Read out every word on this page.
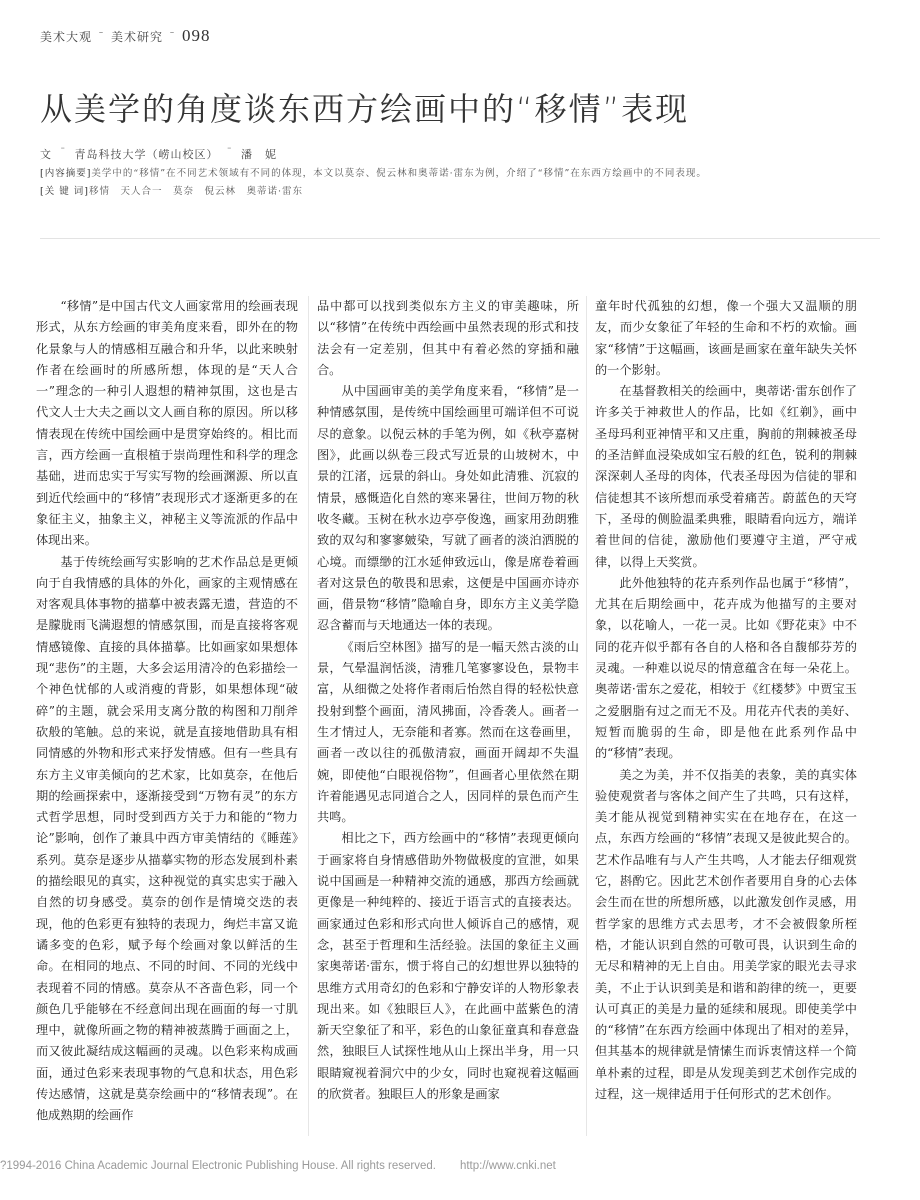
美术大观 ¯ 美术研究 ¯ 098
从美学的角度谈东西方绘画中的“移情”表现
文 ¯ 青岛科技大学（崂山校区） ¯ 潘　妮
[内容摘要]美学中的“移情”在不同艺术领域有不同的体现，本文以莫奈、倪云林和奥蒂诺·雷东为例，介绍了“移情”在东西方绘画中的不同表现。
[关 键 词]移情　天人合一　莫奈　倪云林　奥蒂诺·雷东

“移情”是中国古代文人画家常用的绘画表现形式，从东方绘画的审美角度来看，即外在的物化景象与人的情感相互融合和升华，以此来映射作者在绘画时的所感所想，体现的是“天人合一”理念的一种引人遐想的精神氛围，这也是古代文人士大夫之画以文人画自称的原因。所以移情表现在传统中国绘画中是贯穿始终的。相比而言，西方绘画一直根植于崇尚理性和科学的理念基础，进而忠实于写实写物的绘画渊源、所以直到近代绘画中的“移情”表现形式才逐渐更多的在象征主义，抽象主义，神秘主义等流派的作品中体现出来。

基于传统绘画写实影响的艺术作品总是更倾向于自我情感的具体的外化，画家的主观情感在对客观具体事物的描摹中被表露无遗，营造的不是朦胧雨飞满遐想的情感氛围，而是直接将客观情感镜像、直接的具体描摹。比如画家如果想体现“悲伤”的主题，大多会运用清冷的色彩描绘一个神色忧郁的人或消瘦的背影，如果想体现“破碎”的主题，就会采用支离分散的构图和刀削斧砍般的笔触。总的来说，就是直接地借助具有相同情感的外物和形式来抒发情感。但有一些具有东方主义审美倾向的艺术家，比如莫奈，在他后期的绘画探索中，逐渐接受到“万物有灵”的东方式哲学思想，同时受到西方关于力和能的“物力论”影响，创作了兼具中西方审美情结的《睡莲》系列。莫奈是逐步从描摹实物的形态发展到朴素的描绘眼见的真实，这种视觉的真实忠实于融入自然的切身感受。莫奈的创作是情境交迭的表现，他的色彩更有独特的表现力，绚烂丰富又诡谲多变的色彩，赋予每个绘画对象以鲜活的生命。在相同的地点、不同的时间、不同的光线中表现着不同的情感。莫奈从不吝啬色彩，同一个颜色几乎能够在不经意间出现在画面的每一寸肌理中，就像所画之物的精神被蒸腾于画面之上，而又彼此凝结成这幅画的灵魂。以色彩来构成画面，通过色彩来表现事物的气息和状态，用色彩传达感情，这就是莫奈绘画中的“移情表现”。在他成熟期的绘画作

品中都可以找到类似东方主义的审美趣味，所以“移情”在传统中西绘画中虽然表现的形式和技法会有一定差别，但其中有着必然的穿插和融合。

从中国画审美的美学角度来看，“移情”是一种情感氛围，是传统中国绘画里可端详但不可说尽的意象。以倪云林的手笔为例，如《秋亭嘉树图》，此画以纵卷三段式写近景的山坡树木，中景的江渚，远景的斜山。身处如此清雅、沉寂的情景，感慨造化自然的寒来暑往，世间万物的秋收冬藏。玉树在秋水边亭亭俊逸，画家用劲朗雅致的双勾和寥寥皴染，写就了画者的淡泊洒脱的心境。而缥缈的江水延伸致远山，像是席卷着画者对这景色的敬畏和思索，这便是中国画亦诗亦画，借景物“移情”隐喻自身，即东方主义美学隐忍含蓄而与天地通达一体的表现。

《雨后空林图》描写的是一幅天然古淡的山景，气晕温润恬淡，清雅几笔寥寥设色，景物丰富，从细微之处将作者雨后怡然自得的轻松快意投射到整个画面，清风拂面，冷香袭人。画者一生才情过人，无奈能和者寡。然而在这卷画里，画者一改以往的孤傲清寂，画面开阔却不失温婉，即使他“白眼视俗物”，但画者心里依然在期许着能遇见志同道合之人，因同样的景色而产生共鸣。

相比之下，西方绘画中的“移情”表现更倾向于画家将自身情感借助外物做极度的宣泄，如果说中国画是一种精神交流的通感，那西方绘画就更像是一种纯粹的、接近于语言式的直接表达。画家通过色彩和形式向世人倾诉自己的感情，观念，甚至于哲理和生活经验。法国的象征主义画家奥蒂诺·雷东，惯于将自己的幻想世界以独特的思维方式用奇幻的色彩和宁静安详的人物形象表现出来。如《独眼巨人》，在此画中蓝紫色的清新天空象征了和平，彩色的山象征童真和春意盎然，独眼巨人试探性地从山上探出半身，用一只眼睛窥视着洞穴中的少女，同时也窥视着这幅画的欣赏者。独眼巨人的形象是画家

童年时代孤独的幻想，像一个强大又温顺的朋友，而少女象征了年轻的生命和不朽的欢愉。画家“移情”于这幅画，该画是画家在童年缺失关怀的一个影射。

在基督教相关的绘画中，奥蒂诺·雷东创作了许多关于神救世人的作品，比如《红剃》，画中圣母玛利亚神情平和又庄重，胸前的荆棘被圣母的圣洁鲜血浸染成如宝石般的红色，锐利的荆棘深深刺人圣母的肉体，代表圣母因为信徒的罪和信徒想其不该所想而承受着痛苦。蔚蓝色的天穹下，圣母的侧脸温柔典雅，眼睛看向远方，端详着世间的信徒，激励他们要遵守主道，严守戒律，以得上天奖赏。

此外他独特的花卉系列作品也属于“移情”，尤其在后期绘画中，花卉成为他描写的主要对象，以花喻人，一花一灵。比如《野花束》中不同的花卉似乎都有各自的人格和各自馥郁芬芳的灵魂。一种难以说尽的情意蕴含在每一朵花上。奥蒂诺·雷东之爱花，相较于《红楼梦》中贾宝玉之爱胭脂有过之而无不及。用花卉代表的美好、短暂而脆弱的生命，即是他在此系列作品中的“移情”表现。

美之为美，并不仅指美的表象，美的真实体验使观赏者与客体之间产生了共鸣，只有这样，美才能从视觉到精神实实在在地存在，在这一点，东西方绘画的“移情”表现又是彼此契合的。艺术作品唯有与人产生共鸣，人才能去仔细观赏它，斟酌它。因此艺术创作者要用自身的心去体会生而在世的所想所感，以此激发创作灵感，用哲学家的思维方式去思考，才不会被假象所桎梏，才能认识到自然的可敬可畏，认识到生命的无尽和精神的无上自由。用美学家的眼光去寻求美，不止于认识到美是和谐和韵律的统一，更要认可真正的美是力量的延续和展现。即使美学中的“移情”在东西方绘画中体现出了相对的差异，但其基本的规律就是情愫生而诉衷情这样一个简单朴素的过程，即是从发现美到艺术创作完成的过程，这一规律适用于任何形式的艺术创作。

?1994-2016 China Academic Journal Electronic Publishing House. All rights reserved. http://www.cnki.net
